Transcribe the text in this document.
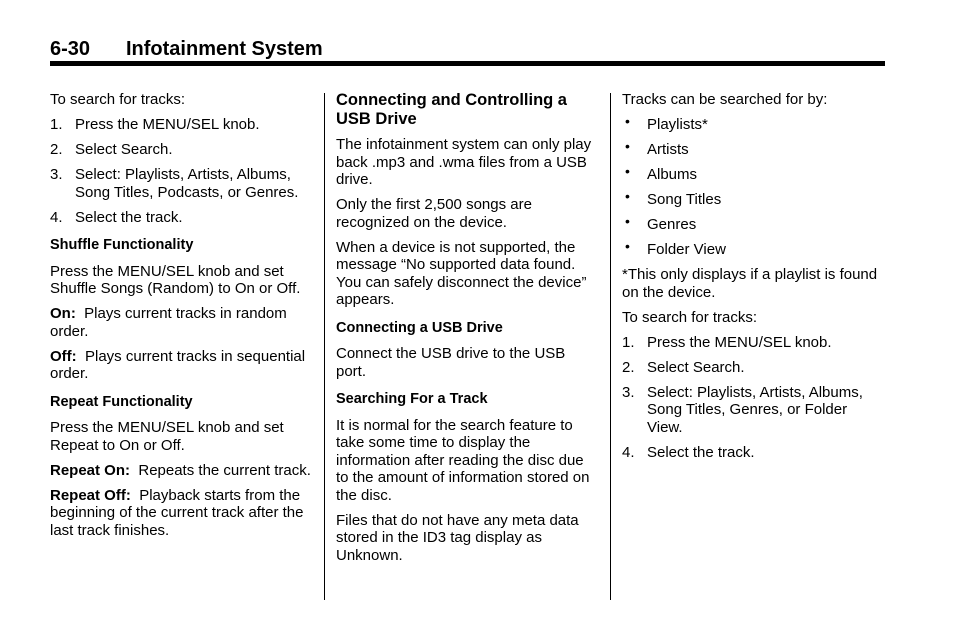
6-30 Infotainment System

To search for tracks:

1. Press the MENU/SEL knob.
2. Select Search.
3. Select: Playlists, Artists, Albums, Song Titles, Podcasts, or Genres.
4. Select the track.
Shuffle Functionality

Press the MENU/SEL knob and set Shuffle Songs (Random) to On or Off.

On: Plays current tracks in random order.

Off: Plays current tracks in sequential order.

Repeat Functionality

Press the MENU/SEL knob and set Repeat to On or Off.

Repeat On: Repeats the current track.

Repeat Off: Playback starts from the beginning of the current track after the last track finishes.

Connecting and Controlling a USB Drive

The infotainment system can only play back .mp3 and .wma files from a USB drive.

Only the first 2,500 songs are recognized on the device.

When a device is not supported, the message “No supported data found. You can safely disconnect the device” appears.

Connecting a USB Drive

Connect the USB drive to the USB port.

Searching For a Track

It is normal for the search feature to take some time to display the information after reading the disc due to the amount of information stored on the disc.

Files that do not have any meta data stored in the ID3 tag display as Unknown.

Tracks can be searched for by:

• Playlists*
• Artists
• Albums
• Song Titles
• Genres
• Folder View

*This only displays if a playlist is found on the device.

To search for tracks:

1. Press the MENU/SEL knob.
2. Select Search.
3. Select: Playlists, Artists, Albums, Song Titles, Genres, or Folder View.
4. Select the track.
